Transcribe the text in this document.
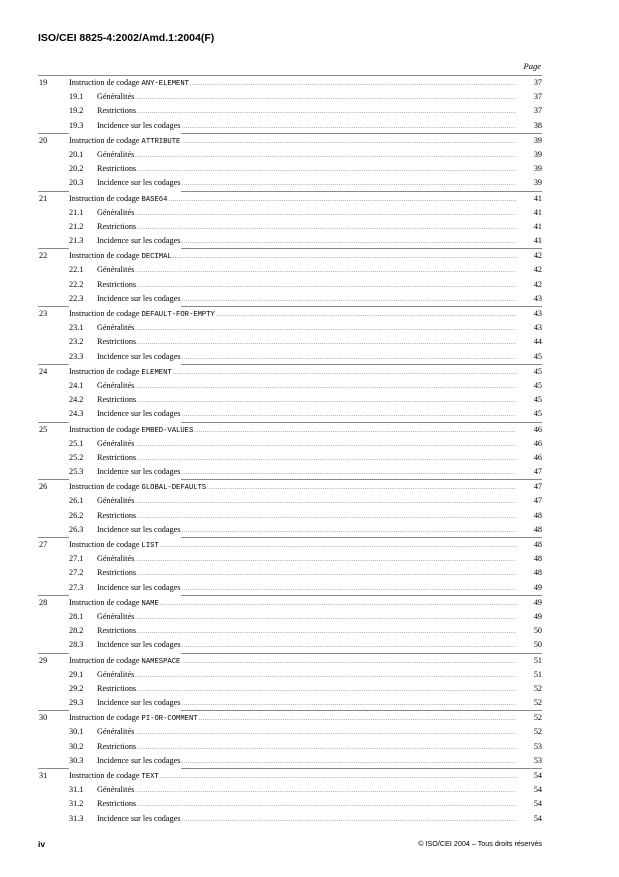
ISO/CEI 8825-4:2002/Amd.1:2004(F)
Page
19	Instruction de codage ANY-ELEMENT .....	37
19.1 Généralités .....	37
19.2 Restrictions .....	37
19.3 Incidence sur les codages .....	38
20	Instruction de codage ATTRIBUTE .....	39
20.1 Généralités .....	39
20.2 Restrictions .....	39
20.3 Incidence sur les codages .....	39
21	Instruction de codage BASE64 .....	41
21.1 Généralités .....	41
21.2 Restrictions .....	41
21.3 Incidence sur les codages .....	41
22	Instruction de codage DECIMAL .....	42
22.1 Généralités .....	42
22.2 Restrictions .....	42
22.3 Incidence sur les codages .....	43
23	Instruction de codage DEFAULT-FOR-EMPTY .....	43
23.1 Généralités .....	43
23.2 Restrictions .....	44
23.3 Incidence sur les codages .....	45
24	Instruction de codage ELEMENT .....	45
24.1 Généralités .....	45
24.2 Restrictions .....	45
24.3 Incidence sur les codages .....	45
25	Instruction de codage EMBED-VALUES .....	46
25.1 Généralités .....	46
25.2 Restrictions .....	46
25.3 Incidence sur les codages .....	47
26	Instruction de codage GLOBAL-DEFAULTS .....	47
26.1 Généralités .....	47
26.2 Restrictions .....	48
26.3 Incidence sur les codages .....	48
27	Instruction de codage LIST .....	48
27.1 Généralités .....	48
27.2 Restrictions .....	48
27.3 Incidence sur les codages .....	49
28	Instruction de codage NAME .....	49
28.1 Généralités .....	49
28.2 Restrictions .....	50
28.3 Incidence sur les codages .....	50
29	Instruction de codage NAMESPACE .....	51
29.1 Généralités .....	51
29.2 Restrictions .....	52
29.3 Incidence sur les codages .....	52
30	Instruction de codage PI-OR-COMMENT .....	52
30.1 Généralités .....	52
30.2 Restrictions .....	53
30.3 Incidence sur les codages .....	53
31	Instruction de codage TEXT .....	54
31.1 Généralités .....	54
31.2 Restrictions .....	54
31.3 Incidence sur les codages .....	54
iv	© ISO/CEI 2004 – Tous droits réservés
